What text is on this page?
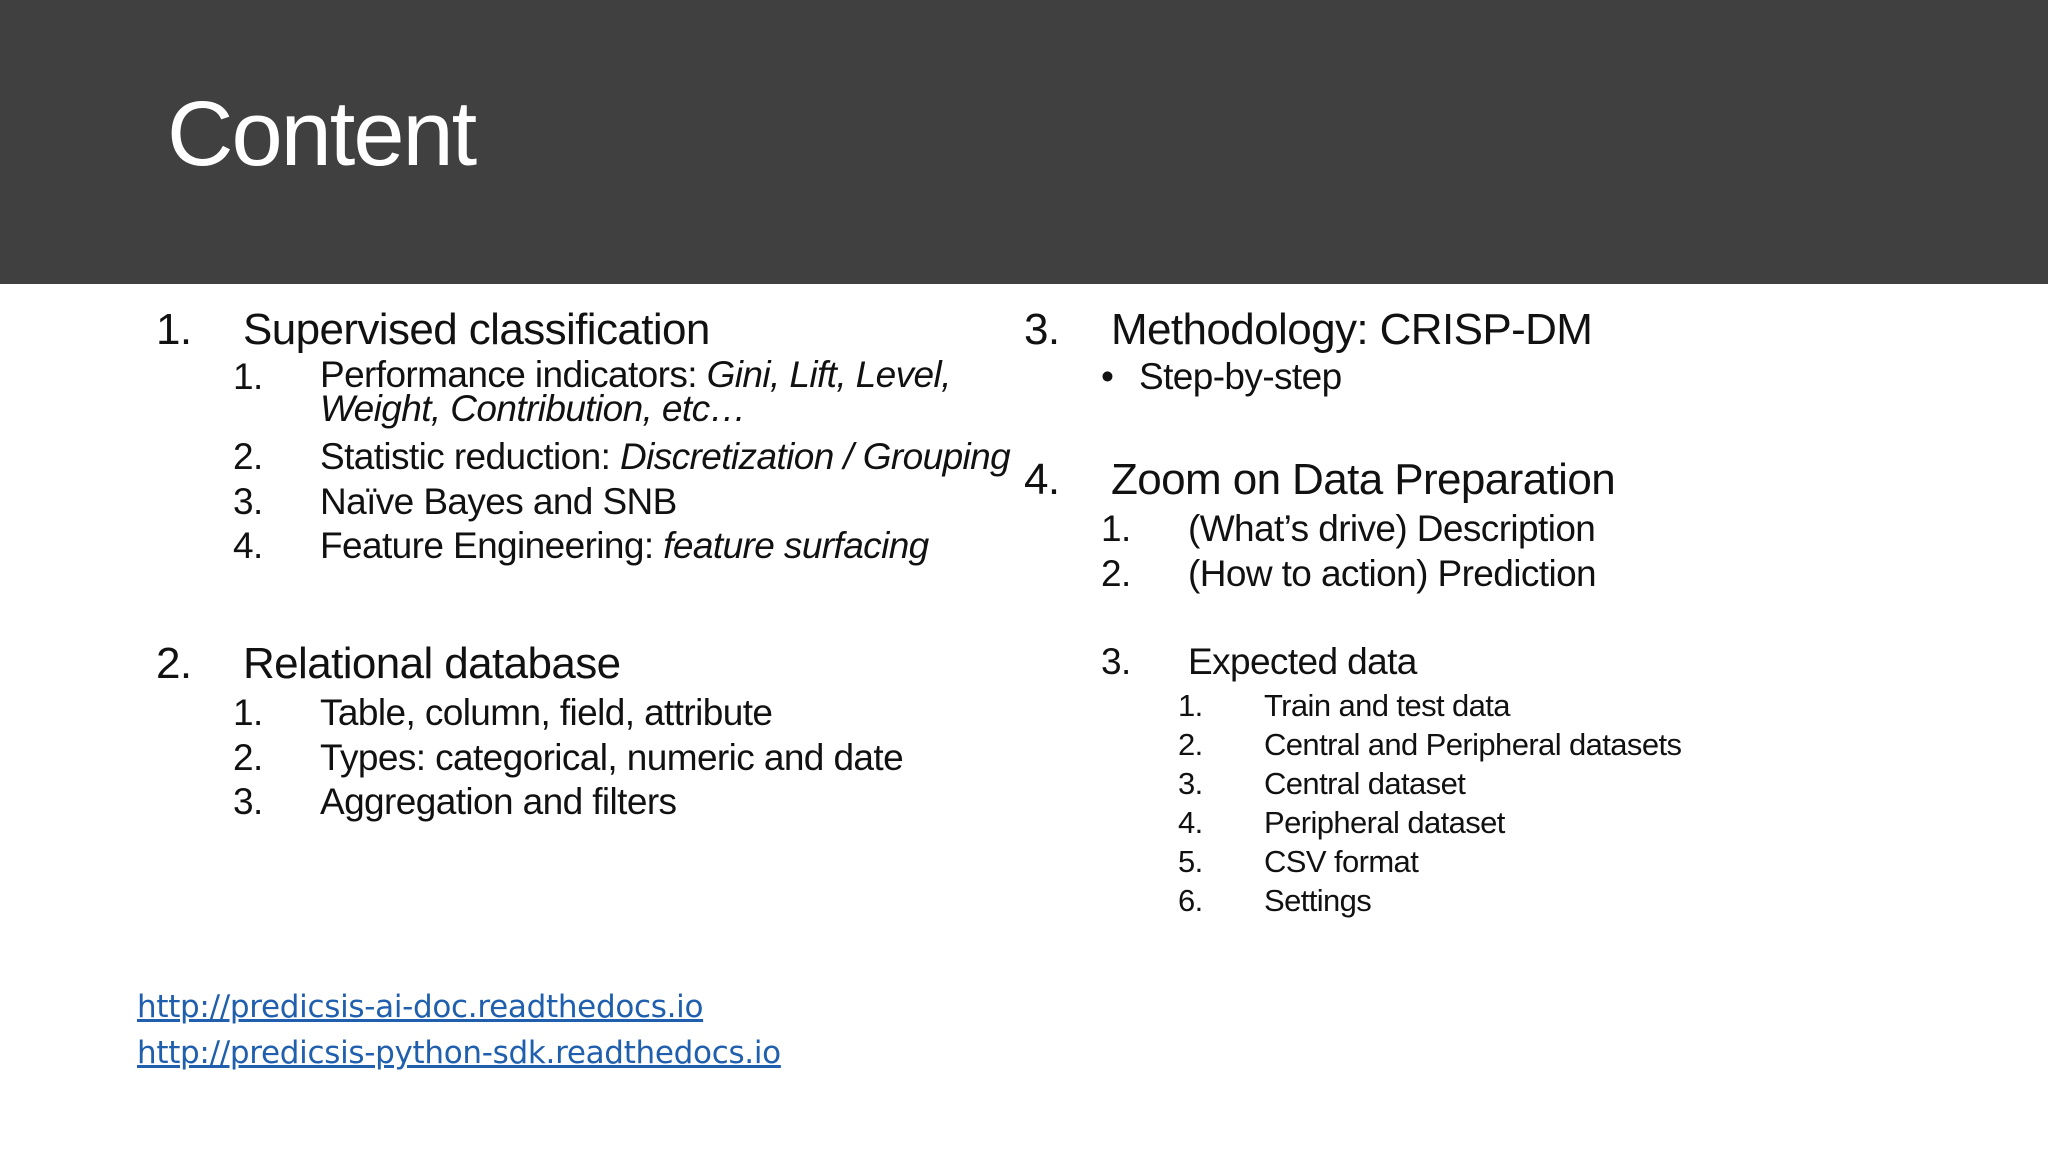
Content
1. Supervised classification
1. Performance indicators: Gini, Lift, Level, Weight, Contribution, etc…
2. Statistic reduction: Discretization / Grouping
3. Naïve Bayes and SNB
4. Feature Engineering: feature surfacing
2. Relational database
1. Table, column, field, attribute
2. Types: categorical, numeric and date
3. Aggregation and filters
3. Methodology: CRISP-DM
• Step-by-step
4. Zoom on Data Preparation
1. (What’s drive) Description
2. (How to action) Prediction
3. Expected data
1. Train and test data
2. Central and Peripheral datasets
3. Central dataset
4. Peripheral dataset
5. CSV format
6. Settings
http://predicsis-ai-doc.readthedocs.io
http://predicsis-python-sdk.readthedocs.io
